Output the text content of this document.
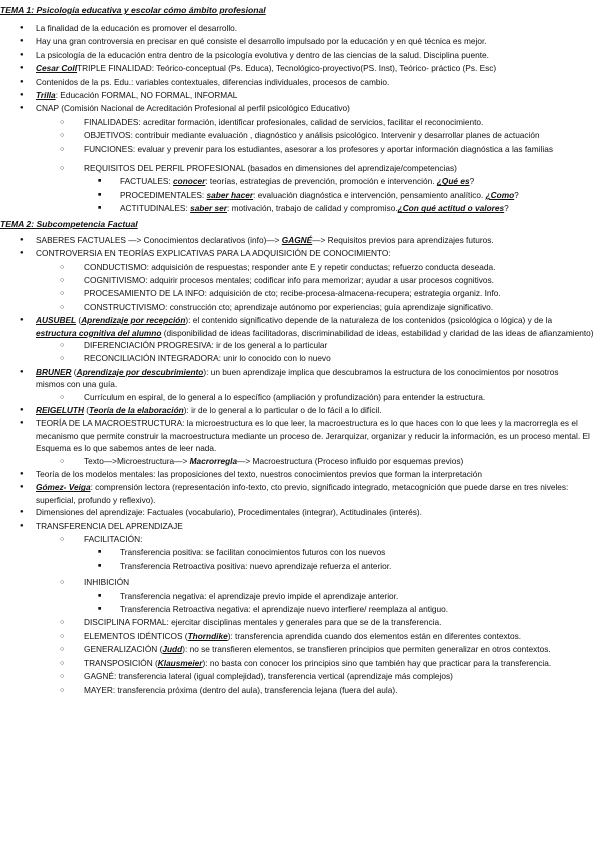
TEMA 1: Psicología educativa y escolar cómo ámbito profesional

● La finalidad de la educación es promover el desarrollo.

● Hay una gran controversia en precisar en qué consiste el desarrollo impulsado por la educación y en qué técnica es mejor.

● La psicología de la educación entra dentro de la psicología evolutiva y dentro de las ciencias de la salud. Disciplina puente.

● Cesar CollTRIPLE FINALIDAD: Teórico-conceptual (Ps. Educa), Tecnológico-proyectivo(PS. Inst), Teórico- práctico (Ps. Esc)

● Contenidos de la ps. Edu.: variables contextuales, diferencias individuales, procesos de cambio.

● Trilla: Educación FORMAL, NO FORMAL, INFORMAL

● CNAP (Comisión Nacional de Acreditación Profesional al perfil psicológico Educativo)

○ FINALIDADES: acreditar formación, identificar profesionales, calidad de servicios, facilitar el reconocimiento.

○ OBJETIVOS: contribuir mediante evaluación , diagnóstico y análisis psicológico. Intervenir y desarrollar planes de actuación

○ FUNCIONES: evaluar y prevenir para los estudiantes, asesorar a los profesores y aportar información diagnóstica a las familias

○ REQUISITOS DEL PERFIL PROFESIONAL (basados en dimensiones del aprendizaje/competencias)

■ FACTUALES: conocer: teorías, estrategias de prevención, promoción e intervención. ¿Qué es?

■ PROCEDIMENTALES: saber hacer: evaluación diagnóstica e intervención, pensamiento analítico. ¿Como?

■ ACTITUDINALES: saber ser: motivación, trabajo de calidad y compromiso.¿Con qué actitud o valores?

TEMA 2: Subcompetencia Factual

● SABERES FACTUALES —> Conocimientos declarativos (info)—> GAGNÉ—> Requisitos previos para aprendizajes futuros.

● CONTROVERSIA EN TEORÍAS EXPLICATIVAS PARA LA ADQUISICIÓN DE CONOCIMIENTO:

○ CONDUCTISMO: adquisición de respuestas; responder ante E y repetir conductas; refuerzo conducta deseada.

○ COGNITIVISMO: adquirir procesos mentales; codificar info para memorizar; ayudar a usar procesos cognitivos.

○ PROCESAMIENTO DE LA INFO: adquisición de cto; recibe-procesa-almacena-recupera; estrategia organiz. Info.

○ CONSTRUCTIVISMO: construcción cto; aprendizaje autónomo por experiencias; guía aprendizaje significativo.

● AUSUBEL (Aprendizaje por recepción): el contenido significativo depende de la naturaleza de los contenidos (psicológica o lógica) y de la estructura cognitiva del alumno (disponibilidad de ideas facilitadoras, discriminabilidad de ideas, estabilidad y claridad de las ideas de afianzamiento)

○ DIFERENCIACIÓN PROGRESIVA: ir de los general a lo particular

○ RECONCILIACIÓN INTEGRADORA: unir lo conocido con lo nuevo

● BRUNER (Aprendizaje por descubrimiento): un buen aprendizaje implica que descubramos la estructura de los conocimientos por nosotros mismos con una guía.

○ Currículum en espiral, de lo general a lo específico (ampliación y profundización) para entender la estructura.

● REIGELUTH (Teoría de la elaboración): ir de lo general a lo particular o de lo fácil a lo difícil.

● TEORÍA DE LA MACROESTRUCTURA: la microestructura es lo que leer, la macroestructura es lo que haces con lo que lees y la macrorregla es el mecanismo que permite construir la macroestructura mediante un proceso de. Jerarquizar, organizar y reducir la información, es un proceso mental. El Esquema es lo que sabemos antes de leer nada.

○ Texto—>Microestructura—> Macrorregla—> Macroestructura (Proceso influido por esquemas previos)

● Teoría de los modelos mentales: las proposiciones del texto, nuestros conocimientos previos que forman la interpretación

● Gómez- Veiga: comprensión lectora (representación info-texto, cto previo, significado integrado, metacognición que puede darse en tres niveles: superficial, profundo y reflexivo).

● Dimensiones del aprendizaje: Factuales (vocabulario), Procedimentales (integrar), Actitudinales (interés).

● TRANSFERENCIA DEL APRENDIZAJE

○ FACILITACIÓN:

■ Transferencia positiva: se facilitan conocimientos futuros con los nuevos

■ Transferencia Retroactiva positiva: nuevo aprendizaje refuerza el anterior.

○ INHIBICIÓN

■ Transferencia negativa: el aprendizaje previo impide el aprendizaje anterior.

■ Transferencia Retroactiva negativa: el aprendizaje nuevo interfiere/ reemplaza al antiguo.

○ DISCIPLINA FORMAL: ejercitar disciplinas mentales y generales para que se de la transferencia.

○ ELEMENTOS IDÉNTICOS (Thorndike): transferencia aprendida cuando dos elementos están en diferentes contextos.

○ GENERALIZACIÓN (Judd): no se transfieren elementos, se transfieren principios que permiten generalizar en otros contextos.

○ TRANSPOSICIÓN (Klausmeier): no basta con conocer los principios sino que también hay que practicar para la transferencia.

○ GAGNÉ: transferencia lateral (igual complejidad), transferencia vertical (aprendizaje más complejos)

○ MAYER: transferencia próxima (dentro del aula), transferencia lejana (fuera del aula).
